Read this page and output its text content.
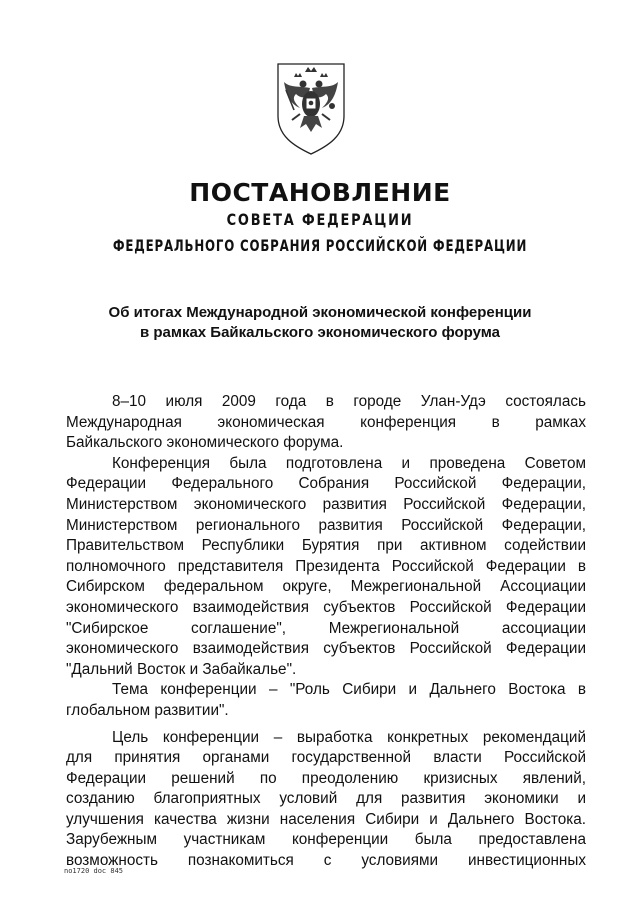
ПОСТАНОВЛЕНИЕ
СОВЕТА ФЕДЕРАЦИИ
ФЕДЕРАЛЬНОГО СОБРАНИЯ РОССИЙСКОЙ ФЕДЕРАЦИИ
Об итогах Международной экономической конференции
в рамках Байкальского экономического форума

8–10 июля 2009 года в городе Улан-Удэ состоялась
Международная экономическая конференция в рамках
Байкальского экономического форума.

Конференция была подготовлена и проведена Советом
Федерации Федерального Собрания Российской Федерации,
Министерством экономического развития Российской Федерации,
Министерством регионального развития Российской Федерации,
Правительством Республики Бурятия при активном содействии
полномочного представителя Президента Российской Федерации в
Сибирском федеральном округе, Межрегиональной Ассоциации
экономического взаимодействия субъектов Российской Федерации
"Сибирское соглашение", Межрегиональной ассоциации
экономического взаимодействия субъектов Российской Федерации
"Дальний Восток и Забайкалье".

Тема конференции – "Роль Сибири и Дальнего Востока в
глобальном развитии".

Цель конференции – выработка конкретных рекомендаций
для принятия органами государственной власти Российской
Федерации решений по преодолению кризисных явлений,
созданию благоприятных условий для развития экономики и
улучшения качества жизни населения Сибири и Дальнего Востока.
Зарубежным участникам конференции была предоставлена
возможность познакомиться с условиями инвестиционных

no1720 doc 845
